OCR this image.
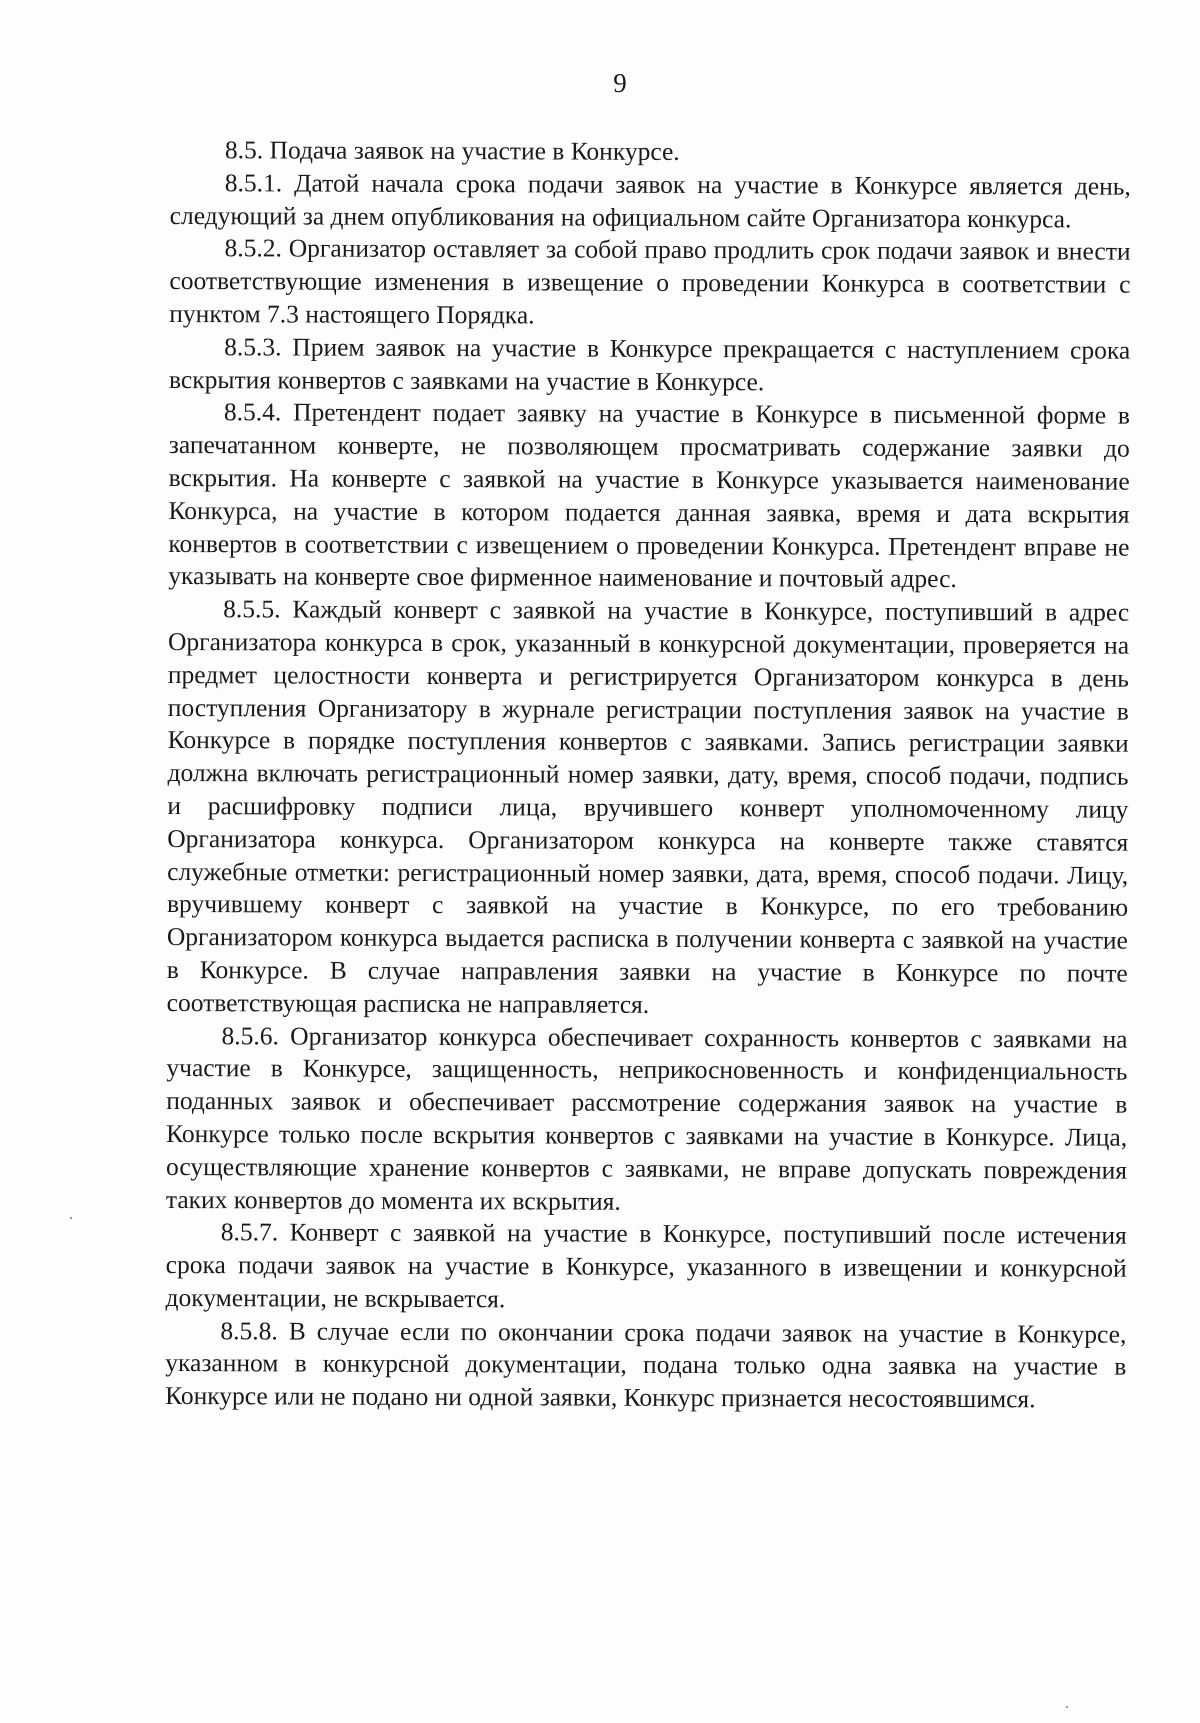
9

8.5. Подача заявок на участие в Конкурсе.

8.5.1. Датой начала срока подачи заявок на участие в Конкурсе является день, следующий за днем опубликования на официальном сайте Организатора конкурса.

8.5.2. Организатор оставляет за собой право продлить срок подачи заявок и внести соответствующие изменения в извещение о проведении Конкурса в соответствии с пунктом 7.3 настоящего Порядка.

8.5.3. Прием заявок на участие в Конкурсе прекращается с наступлением срока вскрытия конвертов с заявками на участие в Конкурсе.

8.5.4. Претендент подает заявку на участие в Конкурсе в письменной форме в запечатанном конверте, не позволяющем просматривать содержание заявки до вскрытия. На конверте с заявкой на участие в Конкурсе указывается наименование Конкурса, на участие в котором подается данная заявка, время и дата вскрытия конвертов в соответствии с извещением о проведении Конкурса. Претендент вправе не указывать на конверте свое фирменное наименование и почтовый адрес.

8.5.5. Каждый конверт с заявкой на участие в Конкурсе, поступивший в адрес Организатора конкурса в срок, указанный в конкурсной документации, проверяется на предмет целостности конверта и регистрируется Организатором конкурса в день поступления Организатору в журнале регистрации поступления заявок на участие в Конкурсе в порядке поступления конвертов с заявками. Запись регистрации заявки должна включать регистрационный номер заявки, дату, время, способ подачи, подпись и расшифровку подписи лица, вручившего конверт уполномоченному лицу Организатора конкурса. Организатором конкурса на конверте также ставятся служебные отметки: регистрационный номер заявки, дата, время, способ подачи. Лицу, вручившему конверт с заявкой на участие в Конкурсе, по его требованию Организатором конкурса выдается расписка в получении конверта с заявкой на участие в Конкурсе. В случае направления заявки на участие в Конкурсе по почте соответствующая расписка не направляется.

8.5.6. Организатор конкурса обеспечивает сохранность конвертов с заявками на участие в Конкурсе, защищенность, неприкосновенность и конфиденциальность поданных заявок и обеспечивает рассмотрение содержания заявок на участие в Конкурсе только после вскрытия конвертов с заявками на участие в Конкурсе. Лица, осуществляющие хранение конвертов с заявками, не вправе допускать повреждения таких конвертов до момента их вскрытия.

8.5.7. Конверт с заявкой на участие в Конкурсе, поступивший после истечения срока подачи заявок на участие в Конкурсе, указанного в извещении и конкурсной документации, не вскрывается.

8.5.8. В случае если по окончании срока подачи заявок на участие в Конкурсе, указанном в конкурсной документации, подана только одна заявка на участие в Конкурсе или не подано ни одной заявки, Конкурс признается несостоявшимся.
